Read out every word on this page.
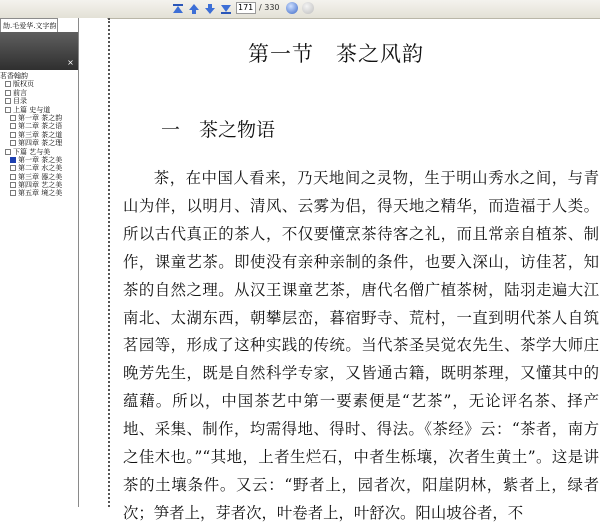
171 / 330
劼.毛爱华.文字韵
×
茗香翰韵
版权页
前言
目录
上篇 史与道
第一章 茶之韵
第二章 茶之语
第三章 茶之道
第四章 茶之理
下篇 艺与美
第一章 茶之美
第二章 水之美
第三章 器之美
第四章 艺之美
第五章 境之美
第一节　茶之风韵
一　茶之物语

茶，在中国人看来，乃天地间之灵物，生于明山秀水之间，与青山为伴，以明月、清风、云雾为侣，得天地之精华，而造福于人类。所以古代真正的茶人，不仅要懂烹茶待客之礼，而且常亲自植茶、制作，课童艺茶。即使没有亲种亲制的条件，也要入深山，访佳茗，知茶的自然之理。从汉王课童艺茶，唐代名僧广植茶树，陆羽走遍大江南北、太湖东西，朝攀层峦，暮宿野寺、荒村，一直到明代茶人自筑茗园等，形成了这种实践的传统。当代茶圣吴觉农先生、茶学大师庄晚芳先生，既是自然科学专家，又皆通古籍，既明茶理，又懂其中的蕴藉。所以，中国茶艺中第一要素便是“艺茶”，无论评名茶、择产地、采集、制作，均需得地、得时、得法。《茶经》云：“茶者，南方之佳木也。”“其地，上者生烂石，中者生栎壤，次者生黄土”。这是讲茶的土壤条件。又云：“野者上，园者次，阳崖阴林，紫者上，绿者次；笋者上，芽者次，叶卷者上，叶舒次。阳山坡谷者，不
